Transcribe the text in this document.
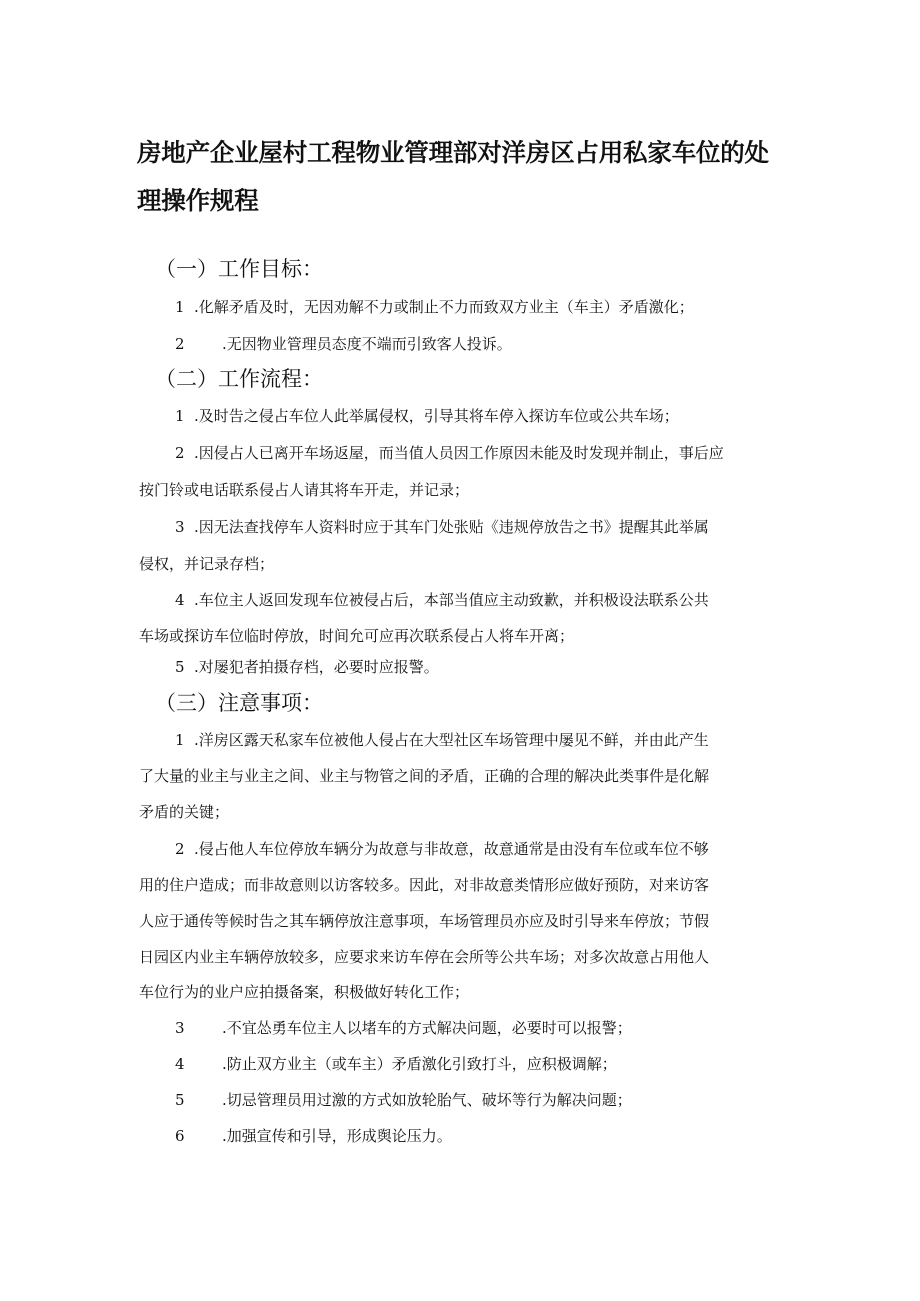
房地产企业屋村工程物业管理部对洋房区占用私家车位的处
理操作规程
（一）工作目标：
1 .化解矛盾及时，无因劝解不力或制止不力而致双方业主（车主）矛盾激化；
2 .无因物业管理员态度不端而引致客人投诉。
（二）工作流程：
1 .及时告之侵占车位人此举属侵权，引导其将车停入探访车位或公共车场；
2 .因侵占人已离开车场返屋，而当值人员因工作原因未能及时发现并制止，事后应
按门铃或电话联系侵占人请其将车开走，并记录；
3 .因无法查找停车人资料时应于其车门处张贴《违规停放告之书》提醒其此举属
侵权，并记录存档；
4 .车位主人返回发现车位被侵占后，本部当值应主动致歉，并积极设法联系公共
车场或探访车位临时停放，时间允可应再次联系侵占人将车开离；
5 .对屡犯者拍摄存档，必要时应报警。
（三）注意事项：
1 .洋房区露天私家车位被他人侵占在大型社区车场管理中屡见不鲜，并由此产生
了大量的业主与业主之间、业主与物管之间的矛盾，正确的合理的解决此类事件是化解
矛盾的关键；
2 .侵占他人车位停放车辆分为故意与非故意，故意通常是由没有车位或车位不够
用的住户造成；而非故意则以访客较多。因此，对非故意类情形应做好预防，对来访客
人应于通传等候时告之其车辆停放注意事项，车场管理员亦应及时引导来车停放；节假
日园区内业主车辆停放较多，应要求来访车停在会所等公共车场；对多次故意占用他人
车位行为的业户应拍摄备案，积极做好转化工作；
3 .不宜怂勇车位主人以堵车的方式解决问题，必要时可以报警；
4 .防止双方业主（或车主）矛盾激化引致打斗，应积极调解；
5 .切忌管理员用过激的方式如放轮胎气、破坏等行为解决问题；
6 .加强宣传和引导，形成舆论压力。
